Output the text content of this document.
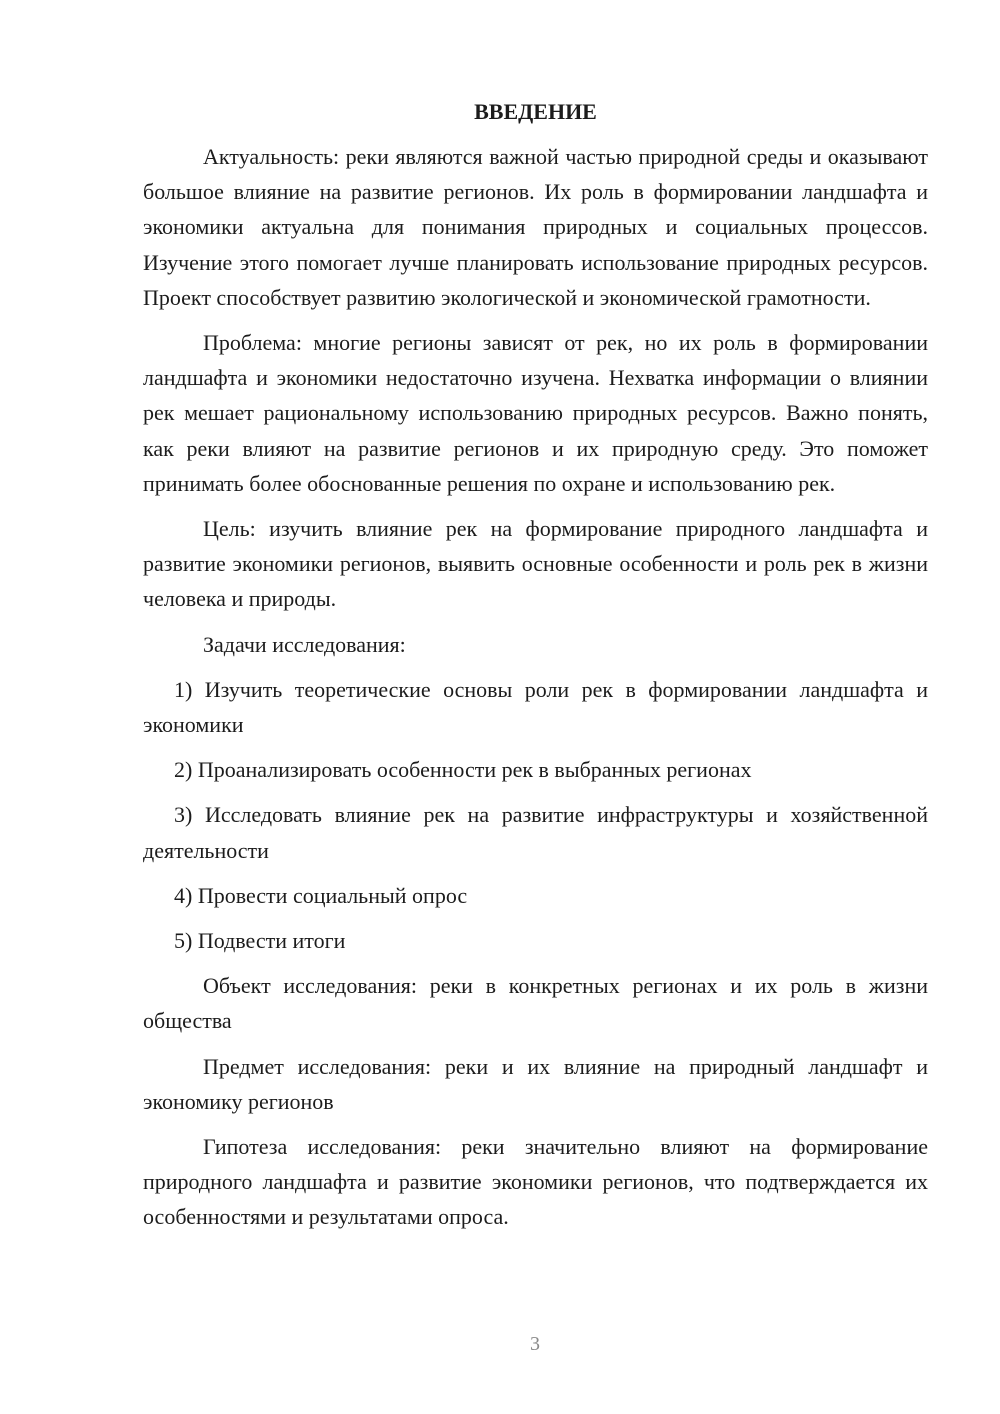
ВВЕДЕНИЕ
Актуальность: реки являются важной частью природной среды и оказывают большое влияние на развитие регионов. Их роль в формировании ландшафта и экономики актуальна для понимания природных и социальных процессов. Изучение этого помогает лучше планировать использование природных ресурсов. Проект способствует развитию экологической и экономической грамотности.
Проблема: многие регионы зависят от рек, но их роль в формировании ландшафта и экономики недостаточно изучена. Нехватка информации о влиянии рек мешает рациональному использованию природных ресурсов. Важно понять, как реки влияют на развитие регионов и их природную среду. Это поможет принимать более обоснованные решения по охране и использованию рек.
Цель: изучить влияние рек на формирование природного ландшафта и развитие экономики регионов, выявить основные особенности и роль рек в жизни человека и природы.
Задачи исследования:
1) Изучить теоретические основы роли рек в формировании ландшафта и экономики
2) Проанализировать особенности рек в выбранных регионах
3) Исследовать влияние рек на развитие инфраструктуры и хозяйственной деятельности
4) Провести социальный опрос
5) Подвести итоги
Объект исследования: реки в конкретных регионах и их роль в жизни общества
Предмет исследования: реки и их влияние на природный ландшафт и экономику регионов
Гипотеза исследования: реки значительно влияют на формирование природного ландшафта и развитие экономики регионов, что подтверждается их особенностями и результатами опроса.
3
